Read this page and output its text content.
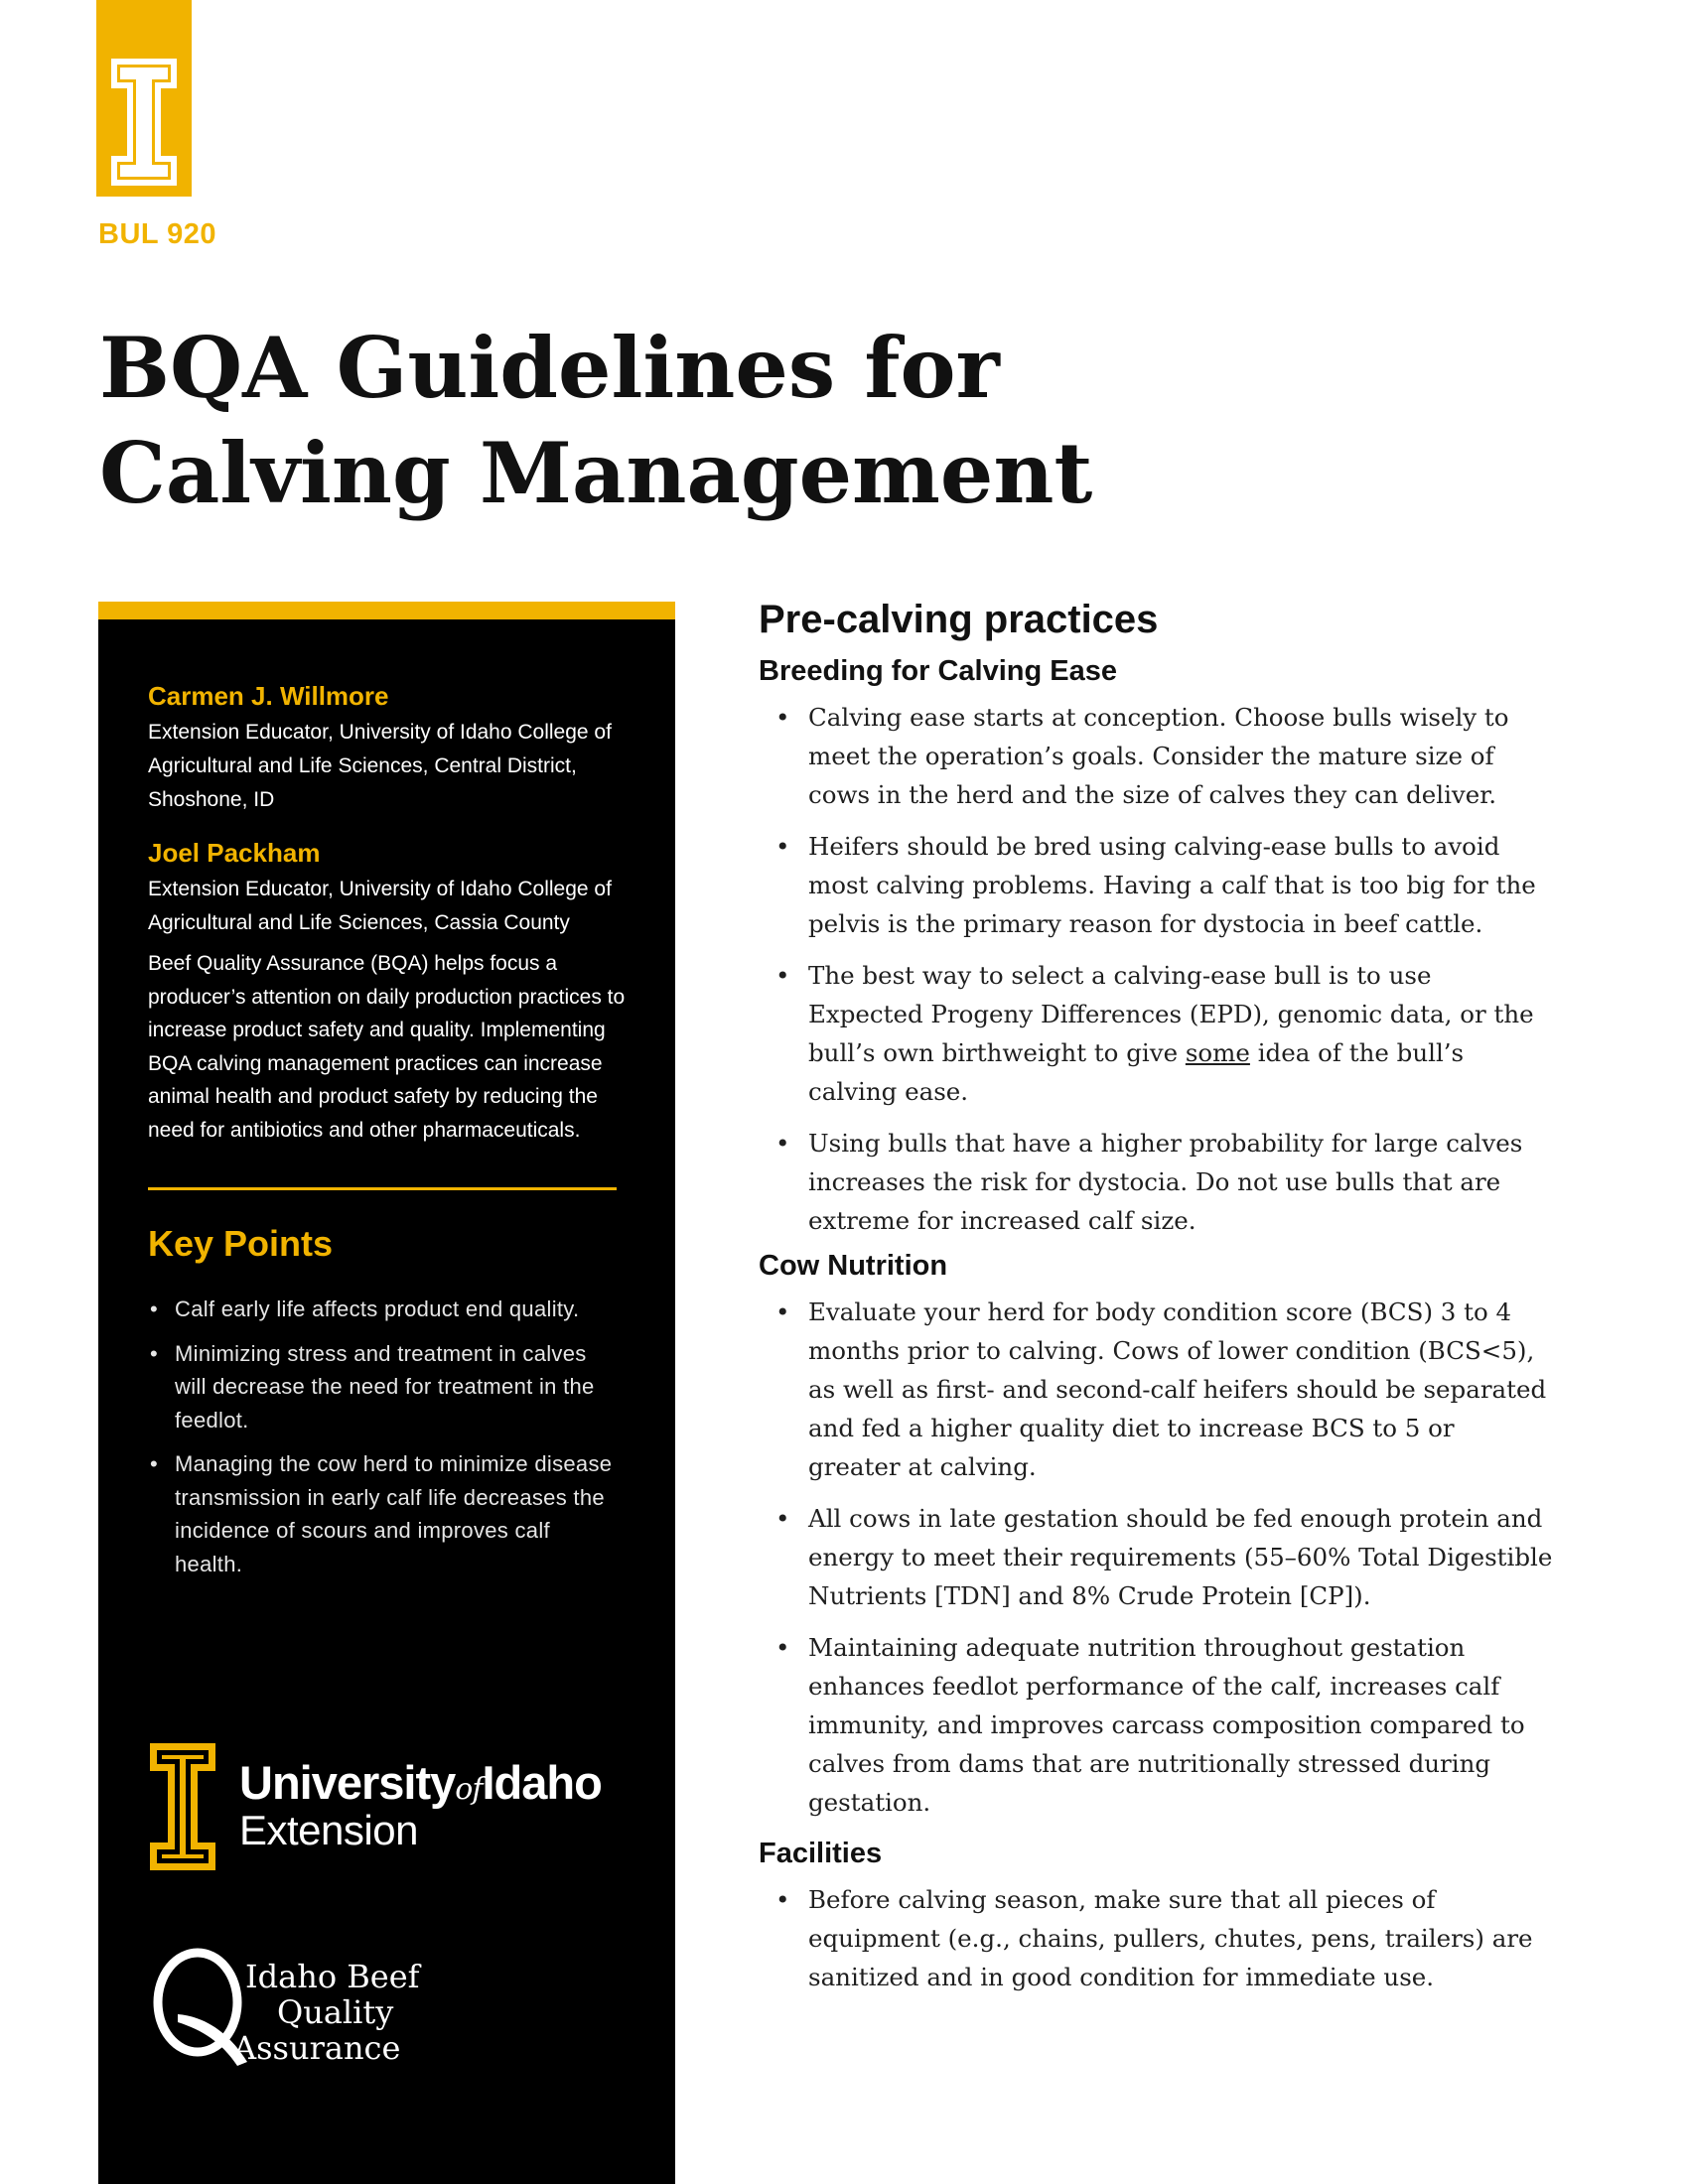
BUL 920
BQA Guidelines for
Calving Management

Carmen J. Willmore

Extension Educator, University of Idaho College of Agricultural and Life Sciences, Central District, Shoshone, ID

Joel Packham

Extension Educator, University of Idaho College of Agricultural and Life Sciences, Cassia County

Beef Quality Assurance (BQA) helps focus a producer’s attention on daily production practices to increase product safety and quality. Implementing BQA calving management practices can increase animal health and product safety by reducing the need for antibiotics and other pharmaceuticals.

Key Points
• Calf early life affects product end quality.
• Minimizing stress and treatment in calves will decrease the need for treatment in the feedlot.
• Managing the cow herd to minimize disease transmission in early calf life decreases the incidence of scours and improves calf health.

UniversityofIdaho

Extension

Idaho Beef
Quality
Assurance

Pre-calving practices
Breeding for Calving Ease
• Calving ease starts at conception. Choose bulls wisely to meet the operation’s goals. Consider the mature size of cows in the herd and the size of calves they can deliver.
• Heifers should be bred using calving-ease bulls to avoid most calving problems. Having a calf that is too big for the pelvis is the primary reason for dystocia in beef cattle.
• The best way to select a calving-ease bull is to use Expected Progeny Differences (EPD), genomic data, or the bull’s own birthweight to give some idea of the bull’s calving ease.
• Using bulls that have a higher probability for large calves increases the risk for dystocia. Do not use bulls that are extreme for increased calf size.
Cow Nutrition
• Evaluate your herd for body condition score (BCS) 3 to 4 months prior to calving. Cows of lower condition (BCS<5), as well as first- and second-calf heifers should be separated and fed a higher quality diet to increase BCS to 5 or greater at calving.
• All cows in late gestation should be fed enough protein and energy to meet their requirements (55–60% Total Digestible Nutrients [TDN] and 8% Crude Protein [CP]).
• Maintaining adequate nutrition throughout gestation enhances feedlot performance of the calf, increases calf immunity, and improves carcass composition compared to calves from dams that are nutritionally stressed during gestation.
Facilities
• Before calving season, make sure that all pieces of equipment (e.g., chains, pullers, chutes, pens, trailers) are sanitized and in good condition for immediate use.
